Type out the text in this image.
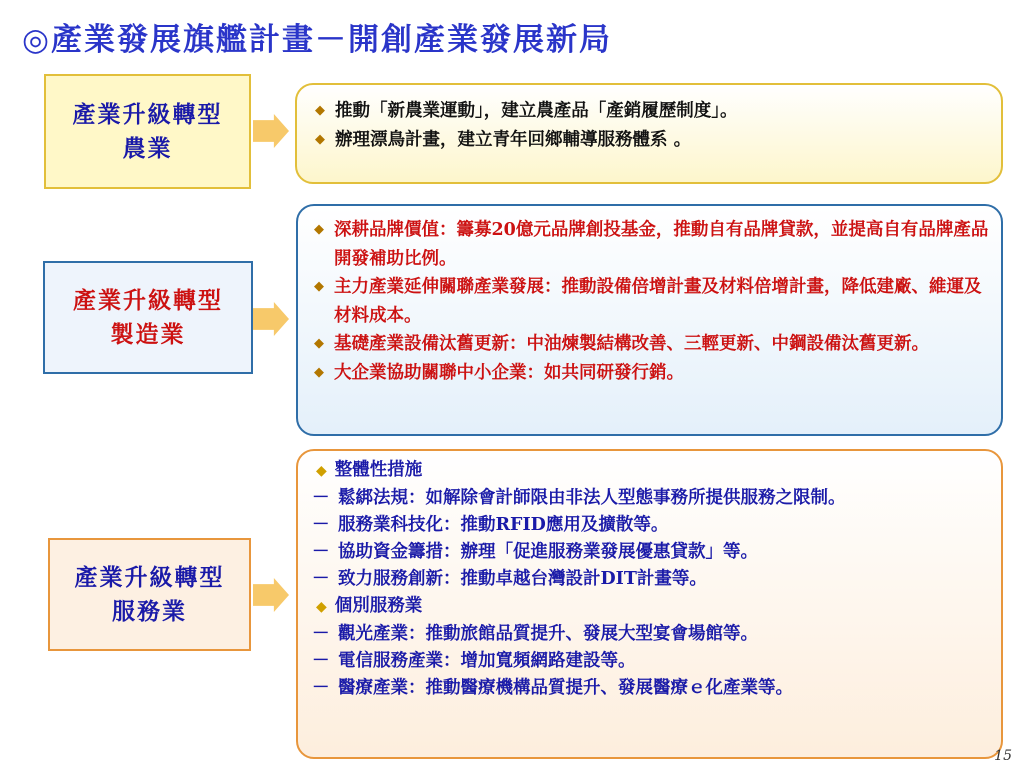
◎產業發展旗艦計畫－開創產業發展新局
產業升級轉型
農業
◆ 推動「新農業運動」，建立農產品「產銷履歷制度」。
◆ 辦理漂鳥計畫，建立青年回鄉輔導服務體系 。
產業升級轉型
製造業
◆ 深耕品牌價值：籌募20億元品牌創投基金，推動自有品牌貸款，並提高自有品牌產品開發補助比例。
◆ 主力產業延伸關聯產業發展：推動設備倍增計畫及材料倍增計畫，降低建廠、維運及材料成本。
◆ 基礎產業設備汰舊更新：中油煉製結構改善、三輕更新、中鋼設備汰舊更新。
◆ 大企業協助關聯中小企業：如共同研發行銷。
產業升級轉型
服務業
◆ 整體性措施
－ 鬆綁法規：如解除會計師限由非法人型態事務所提供服務之限制。
－ 服務業科技化：推動RFID應用及擴散等。
－ 協助資金籌措：辦理「促進服務業發展優惠貸款」等。
－ 致力服務創新：推動卓越台灣設計DIT計畫等。
◆ 個別服務業
－ 觀光產業：推動旅館品質提升、發展大型宴會場館等。
－ 電信服務產業：增加寬頻網路建設等。
－ 醫療產業：推動醫療機構品質提升、發展醫療ｅ化產業等。
15
